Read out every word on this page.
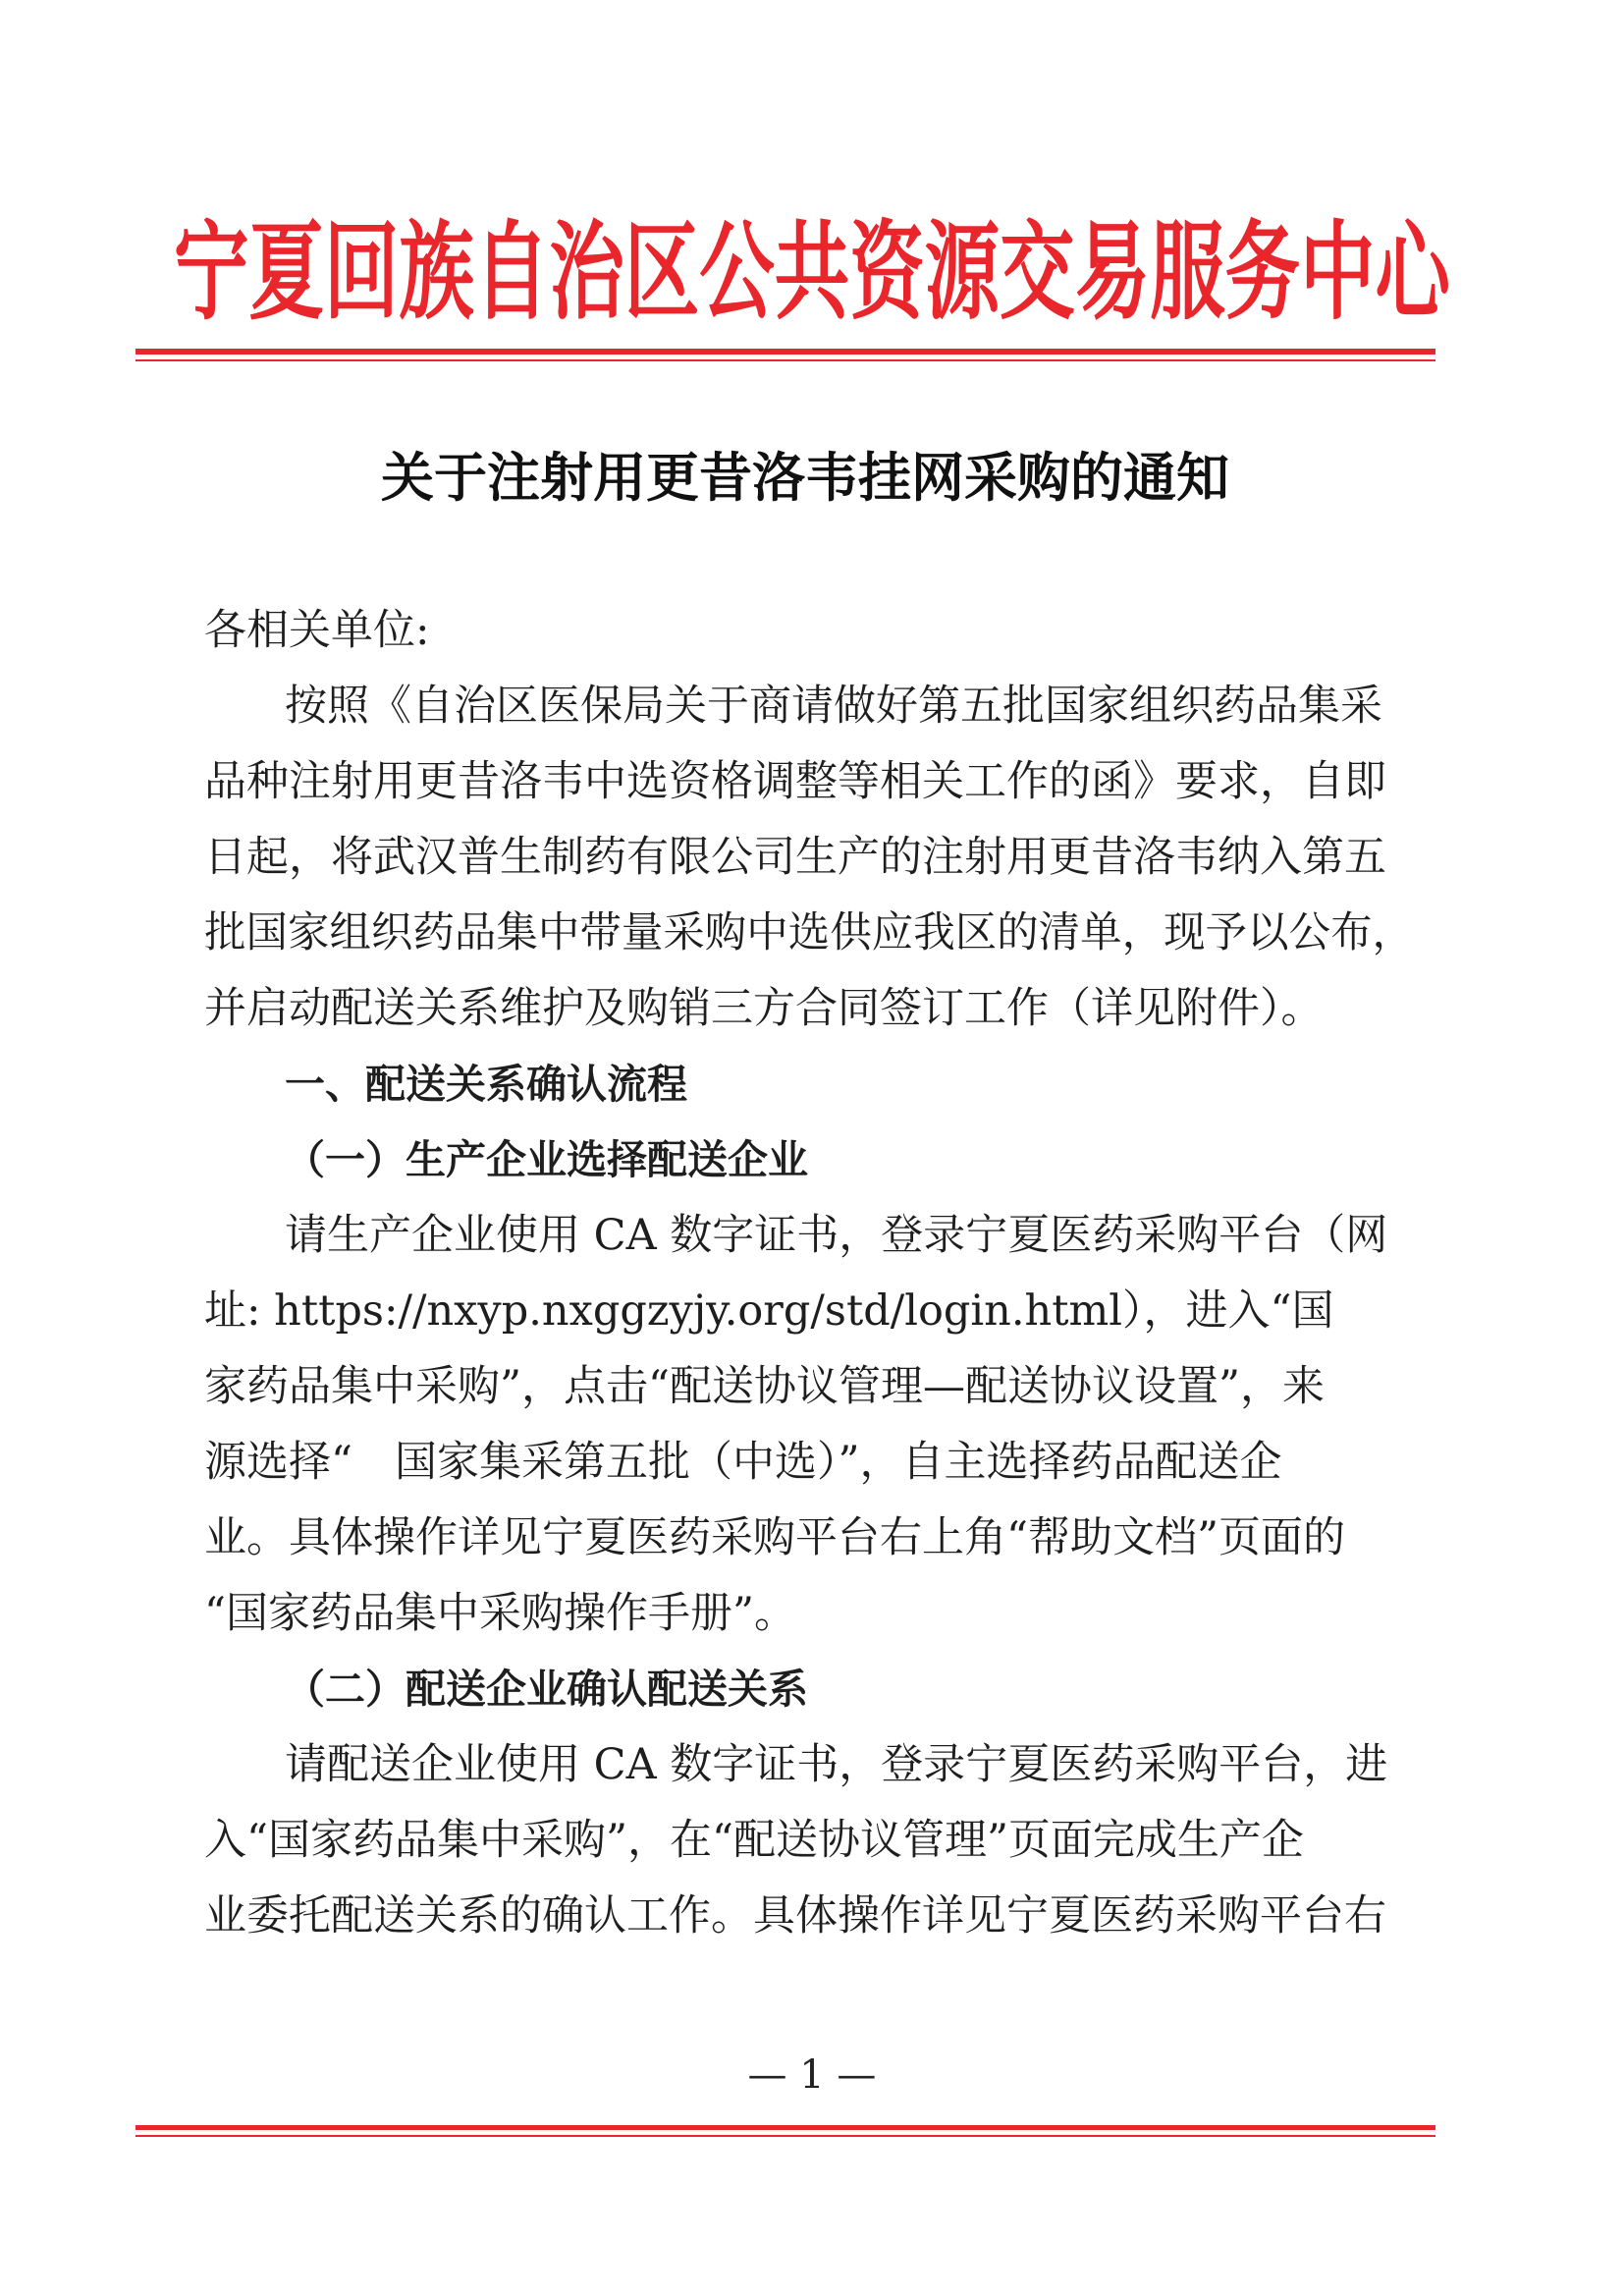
宁夏回族自治区公共资源交易服务中心
关于注射用更昔洛韦挂网采购的通知
各相关单位:
按照《自治区医保局关于商请做好第五批国家组织药品集采
品种注射用更昔洛韦中选资格调整等相关工作的函》要求，自即
日起，将武汉普生制药有限公司生产的注射用更昔洛韦纳入第五
批国家组织药品集中带量采购中选供应我区的清单，现予以公布，
并启动配送关系维护及购销三方合同签订工作（详见附件）。
一、配送关系确认流程
（一）生产企业选择配送企业
请生产企业使用 CA 数字证书，登录宁夏医药采购平台（网
址: https://nxyp.nxggzyjy.org/std/login.html），进入“国
家药品集中采购”，点击“配送协议管理—配送协议设置”，来
源选择“　国家集采第五批（中选）”，自主选择药品配送企
业。具体操作详见宁夏医药采购平台右上角“帮助文档”页面的
“国家药品集中采购操作手册”。
（二）配送企业确认配送关系
请配送企业使用 CA 数字证书，登录宁夏医药采购平台，进
入“国家药品集中采购”，在“配送协议管理”页面完成生产企
业委托配送关系的确认工作。具体操作详见宁夏医药采购平台右
— 1 —
